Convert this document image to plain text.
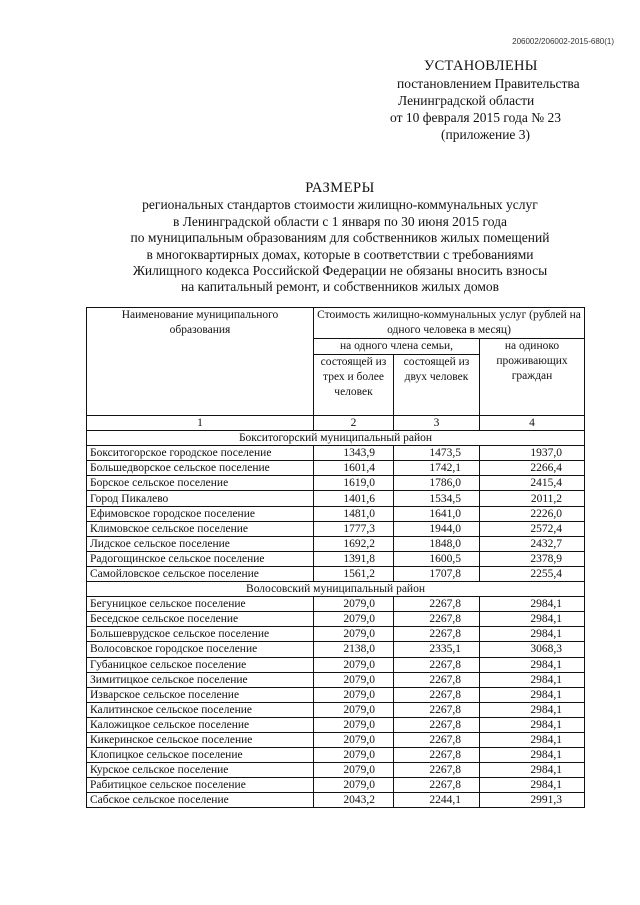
206002/206002-2015-680(1)
УСТАНОВЛЕНЫ
постановлением Правительства
Ленинградской области
от 10 февраля 2015 года № 23
(приложение 3)
РАЗМЕРЫ
региональных стандартов стоимости жилищно-коммунальных услуг
в Ленинградской области с 1 января по 30 июня 2015 года
по муниципальным образованиям для собственников жилых помещений
в многоквартирных домах, которые в соответствии с требованиями
Жилищного кодекса Российской Федерации не обязаны вносить взносы
на капитальный ремонт, и собственников жилых домов
Наименование муниципального образования	Стоимость жилищно-коммунальных услуг (рублей на одного человека в месяц)		
	на одного члена семьи,		на одиноко проживающих граждан
	состоящей из трех и более человек	состоящей из двух человек	
1	2	3	4
Бокситогорский муниципальный район			
Бокситогорское городское поселение	1343,9	1473,5	1937,0
Большедворское сельское поселение	1601,4	1742,1	2266,4
Борское сельское поселение	1619,0	1786,0	2415,4
Город Пикалево	1401,6	1534,5	2011,2
Ефимовское городское поселение	1481,0	1641,0	2226,0
Климовское сельское поселение	1777,3	1944,0	2572,4
Лидское сельское поселение	1692,2	1848,0	2432,7
Радогощинское сельское поселение	1391,8	1600,5	2378,9
Самойловское сельское поселение	1561,2	1707,8	2255,4
Волосовский муниципальный район			
Бегуницкое сельское поселение	2079,0	2267,8	2984,1
Беседское сельское поселение	2079,0	2267,8	2984,1
Большеврудское сельское поселение	2079,0	2267,8	2984,1
Волосовское городское поселение	2138,0	2335,1	3068,3
Губаницкое сельское поселение	2079,0	2267,8	2984,1
Зимитицкое сельское поселение	2079,0	2267,8	2984,1
Изварское сельское поселение	2079,0	2267,8	2984,1
Калитинское сельское поселение	2079,0	2267,8	2984,1
Каложицкое сельское поселение	2079,0	2267,8	2984,1
Кикеринское сельское поселение	2079,0	2267,8	2984,1
Клопицкое сельское поселение	2079,0	2267,8	2984,1
Курское сельское поселение	2079,0	2267,8	2984,1
Рабитицкое сельское поселение	2079,0	2267,8	2984,1
Сабское сельское поселение	2043,2	2244,1	2991,3
